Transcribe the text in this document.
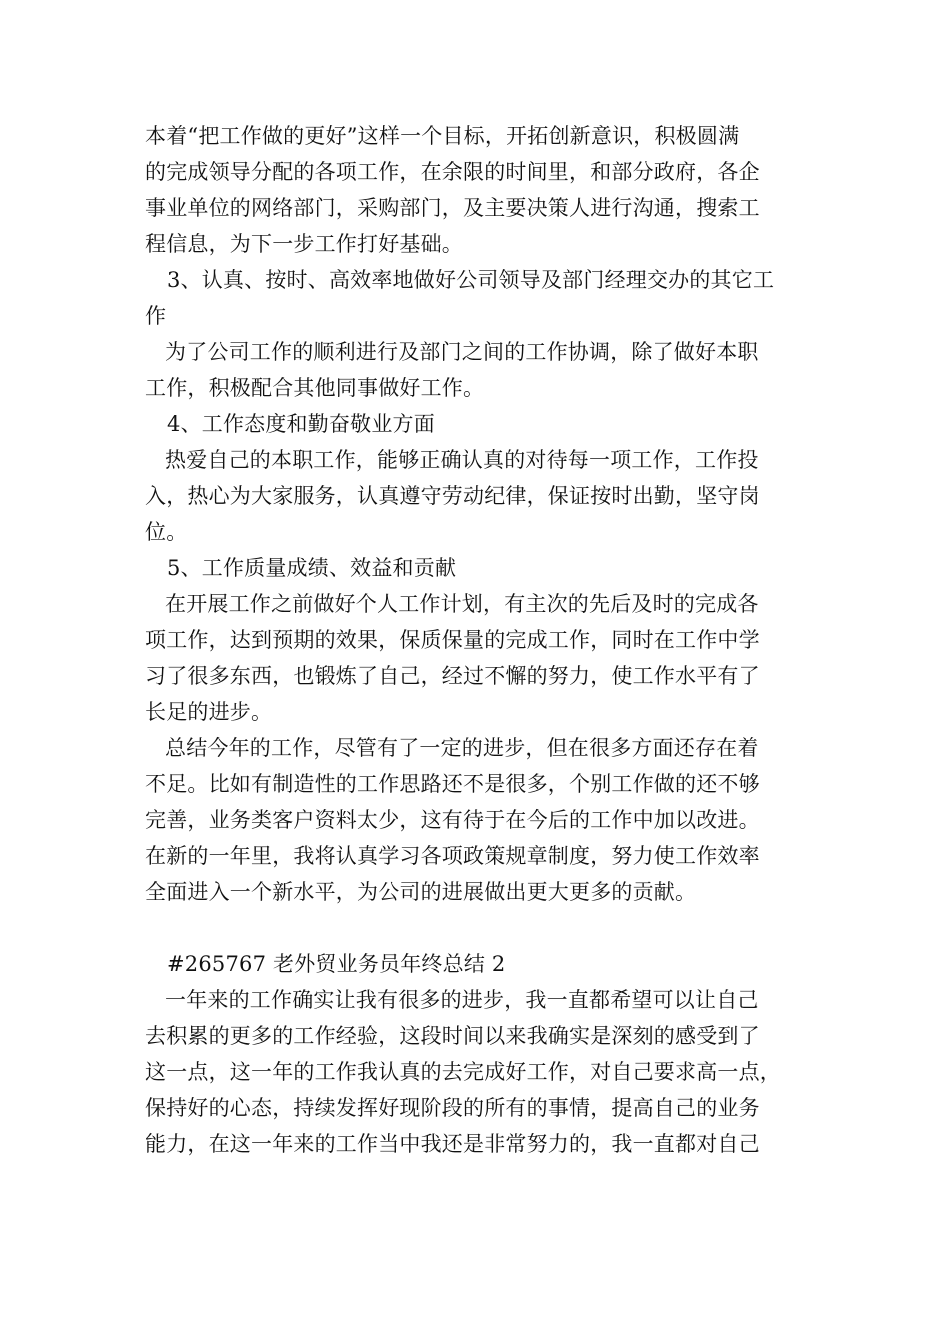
本着“把工作做的更好”这样一个目标，开拓创新意识，积极圆满
的完成领导分配的各项工作，在余限的时间里，和部分政府，各企
事业单位的网络部门，采购部门，及主要决策人进行沟通，搜索工
程信息，为下一步工作打好基础。
3、认真、按时、高效率地做好公司领导及部门经理交办的其它工
作
为了公司工作的顺利进行及部门之间的工作协调，除了做好本职
工作，积极配合其他同事做好工作。
4、工作态度和勤奋敬业方面
热爱自己的本职工作，能够正确认真的对待每一项工作，工作投
入，热心为大家服务，认真遵守劳动纪律，保证按时出勤，坚守岗
位。
5、工作质量成绩、效益和贡献
在开展工作之前做好个人工作计划，有主次的先后及时的完成各
项工作，达到预期的效果，保质保量的完成工作，同时在工作中学
习了很多东西，也锻炼了自己，经过不懈的努力，使工作水平有了
长足的进步。
总结今年的工作，尽管有了一定的进步，但在很多方面还存在着
不足。比如有制造性的工作思路还不是很多，个别工作做的还不够
完善，业务类客户资料太少，这有待于在今后的工作中加以改进。
在新的一年里，我将认真学习各项政策规章制度，努力使工作效率
全面进入一个新水平，为公司的进展做出更大更多的贡献。
#265767 老外贸业务员年终总结 2
一年来的工作确实让我有很多的进步，我一直都希望可以让自己
去积累的更多的工作经验，这段时间以来我确实是深刻的感受到了
这一点，这一年的工作我认真的去完成好工作，对自己要求高一点，
保持好的心态，持续发挥好现阶段的所有的事情，提高自己的业务
能力，在这一年来的工作当中我还是非常努力的，我一直都对自己
